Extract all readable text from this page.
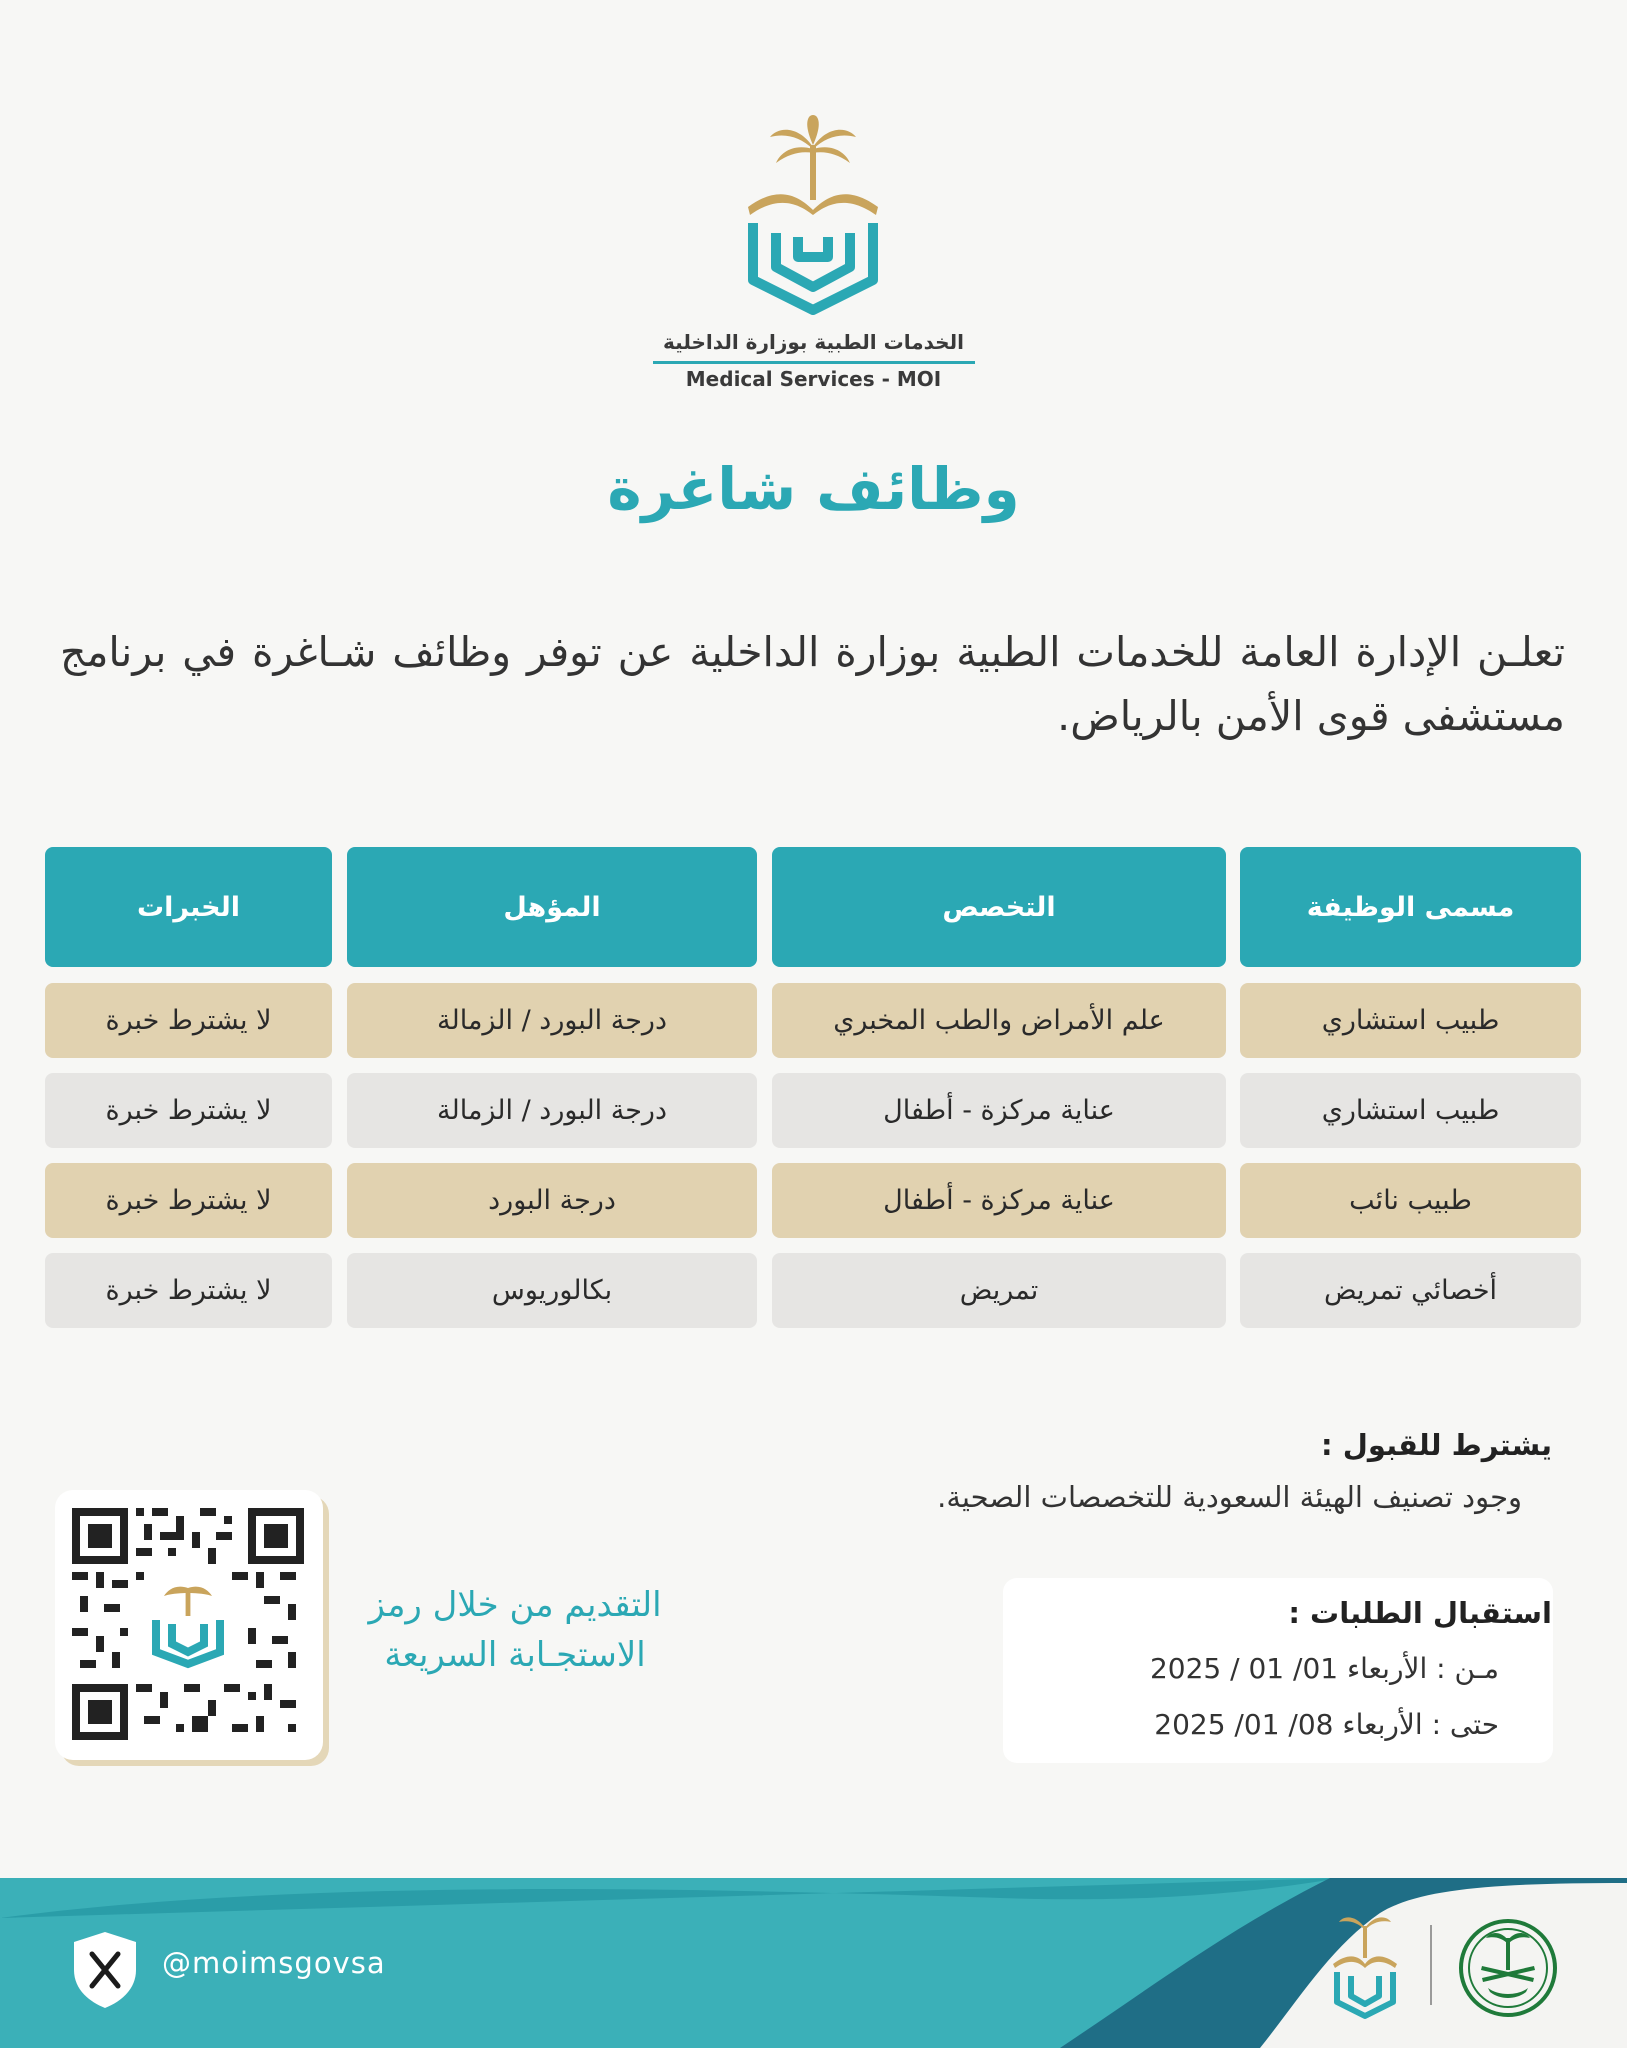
الخدمات الطبية بوزارة الداخلية
Medical Services - MOI
وظائف شاغرة
تعلـن الإدارة العامة للخدمات الطبية بوزارة الداخلية عن توفر وظائف شـاغرة في برنامج مستشفى قوى الأمن بالرياض.
مسمى الوظيفة
التخصص
المؤهل
الخبرات
طبيب استشاري
علم الأمراض والطب المخبري
درجة البورد / الزمالة
لا يشترط خبرة
طبيب استشاري
عناية مركزة - أطفال
درجة البورد / الزمالة
لا يشترط خبرة
طبيب نائب
عناية مركزة - أطفال
درجة البورد
لا يشترط خبرة
أخصائي تمريض
تمريض
بكالوريوس
لا يشترط خبرة
يشترط للقبول :
وجود تصنيف الهيئة السعودية للتخصصات الصحية.
استقبال الطلبات :
مـن : الأربعاء 01/ 01 / 2025
حتى : الأربعاء 08/ 01/ 2025
التقديم من خلال رمز
الاستجـابة السريعة
@moimsgovsa
